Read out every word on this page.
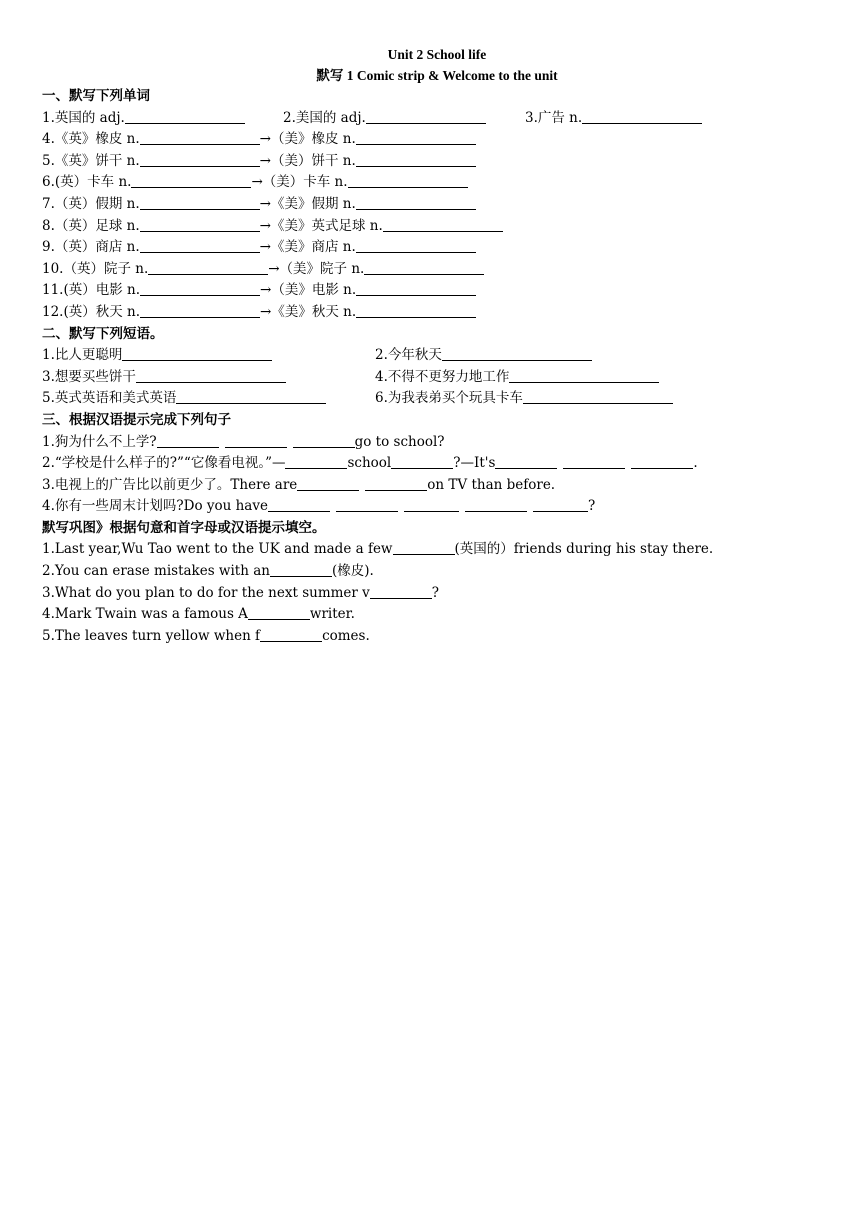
Unit 2 School life
默写 1 Comic strip & Welcome to the unit
一、默写下列单词
1.英国的 adj.	2.美国的 adj.	3.广告 n.
4.《英》橡皮 n.	→（美》橡皮 n.
5.《英》饼干 n.	→（美）饼干 n.
6.(英）卡车 n.	→（美）卡车 n.
7.（英）假期 n.	→《美》假期 n.
8.（英）足球 n.	→《美》英式足球 n.
9.（英）商店 n.	→《美》商店 n.
10.（英）院子 n.	→（美》院子 n.
11.(英）电影 n.	→（美》电影 n.
12.(英）秋天 n.	→《美》秋天 n.
二、默写下列短语。
1.比人更聪明	2.今年秋天
3.想要买些饼干	4.不得不更努力地工作
5.英式英语和美式英语	6.为我表弟买个玩具卡车
三、根据汉语提示完成下列句子
1.狗为什么不上学?	go to school?
2.“学校是什么样子的?”“它像看电视。”—	school	?—It's	.
3.电视上的广告比以前更少了。There are	on TV than before.
4.你有一些周末计划吗?Do you have	?
默写巩图》根据句意和首字母或汉语提示填空。
1.Last year,Wu Tao went to the UK and made a few	(英国的）friends during his stay there.
2.You can erase mistakes with an	(橡皮).
3.What do you plan to do for the next summer v	?
4.Mark Twain was a famous A	writer.
5.The leaves turn yellow when f	comes.
